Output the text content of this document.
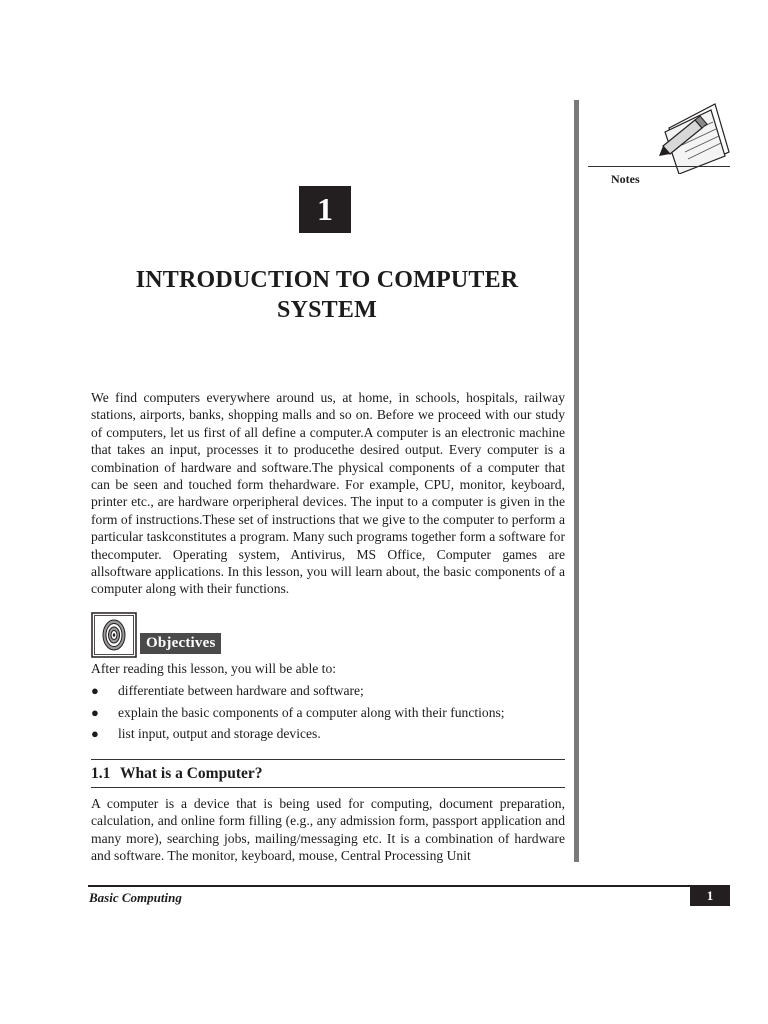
Notes
1
INTRODUCTION TO COMPUTER
SYSTEM
We find computers everywhere around us, at home, in schools, hospitals, railway stations, airports, banks, shopping malls and so on. Before we proceed with our study of computers, let us first of all define a computer.A computer is an electronic machine that takes an input, processes it to producethe desired output. Every computer is a combination of hardware and software.The physical components of a computer that can be seen and touched form thehardware. For example, CPU, monitor, keyboard, printer etc., are hardware orperipheral devices. The input to a computer is given in the form of instructions.These set of instructions that we give to the computer to perform a particular taskconstitutes a program. Many such programs together form a software for thecomputer. Operating system, Antivirus, MS Office, Computer games are allsoftware applications. In this lesson, you will learn about, the basic components of a computer along with their functions.
Objectives
After reading this lesson, you will be able to:
●	differentiate between hardware and software;
●	explain the basic components of a computer along with their functions;
●	list input, output and storage devices.
1.1 What is a Computer?
A computer is a device that is being used for computing, document preparation, calculation, and online form filling (e.g., any admission form, passport application and many more), searching jobs, mailing/messaging etc. It is a combination of hardware and software. The monitor, keyboard, mouse, Central Processing Unit
Basic Computing	1
